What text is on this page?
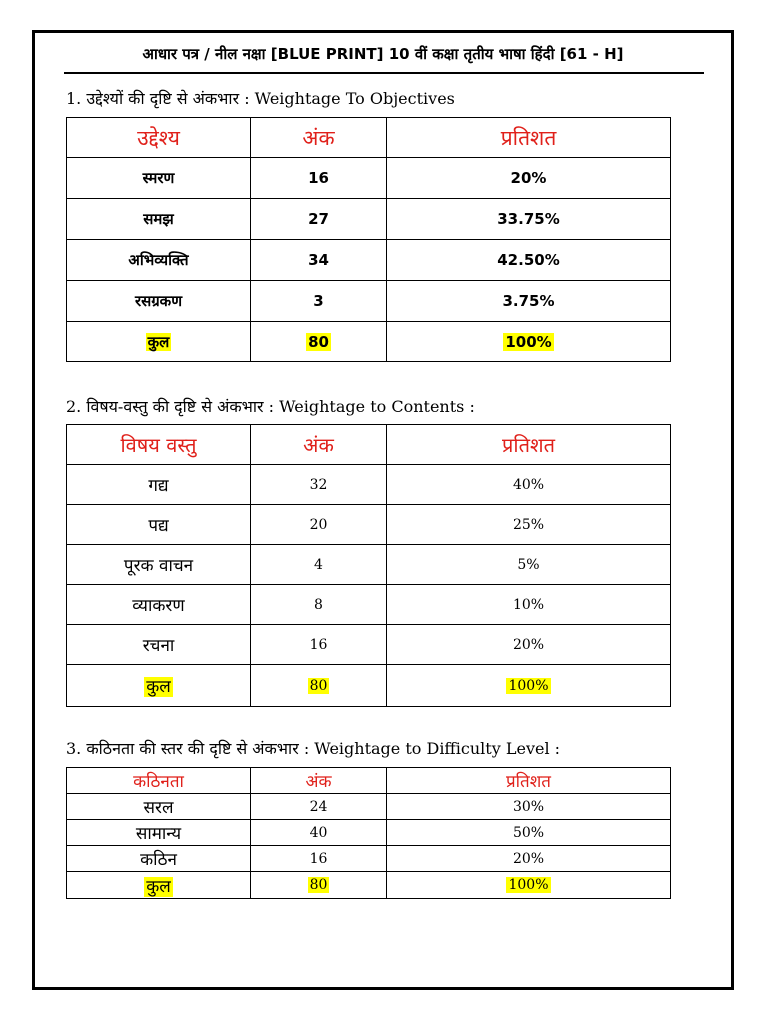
आधार पत्र / नील नक्षा [BLUE PRINT] 10 वीं कक्षा तृतीय भाषा हिंदी [61 - H]
1. उद्देश्यों की दृष्टि से अंकभार : Weightage To Objectives
उद्देश्य	अंक	प्रतिशत
स्मरण	16	20%
समझ	27	33.75%
अभिव्यक्ति	34	42.50%
रसग्रकण	3	3.75%
कुल	80	100%
2. विषय-वस्तु की दृष्टि से अंकभार : Weightage to Contents :
विषय वस्तु	अंक	प्रतिशत
गद्य	32	40%
पद्य	20	25%
पूरक वाचन	4	5%
व्याकरण	8	10%
रचना	16	20%
कुल	80	100%
3. कठिनता की स्तर की दृष्टि से अंकभार : Weightage to Difficulty Level :
कठिनता	अंक	प्रतिशत
सरल	24	30%
सामान्य	40	50%
कठिन	16	20%
कुल	80	100%
